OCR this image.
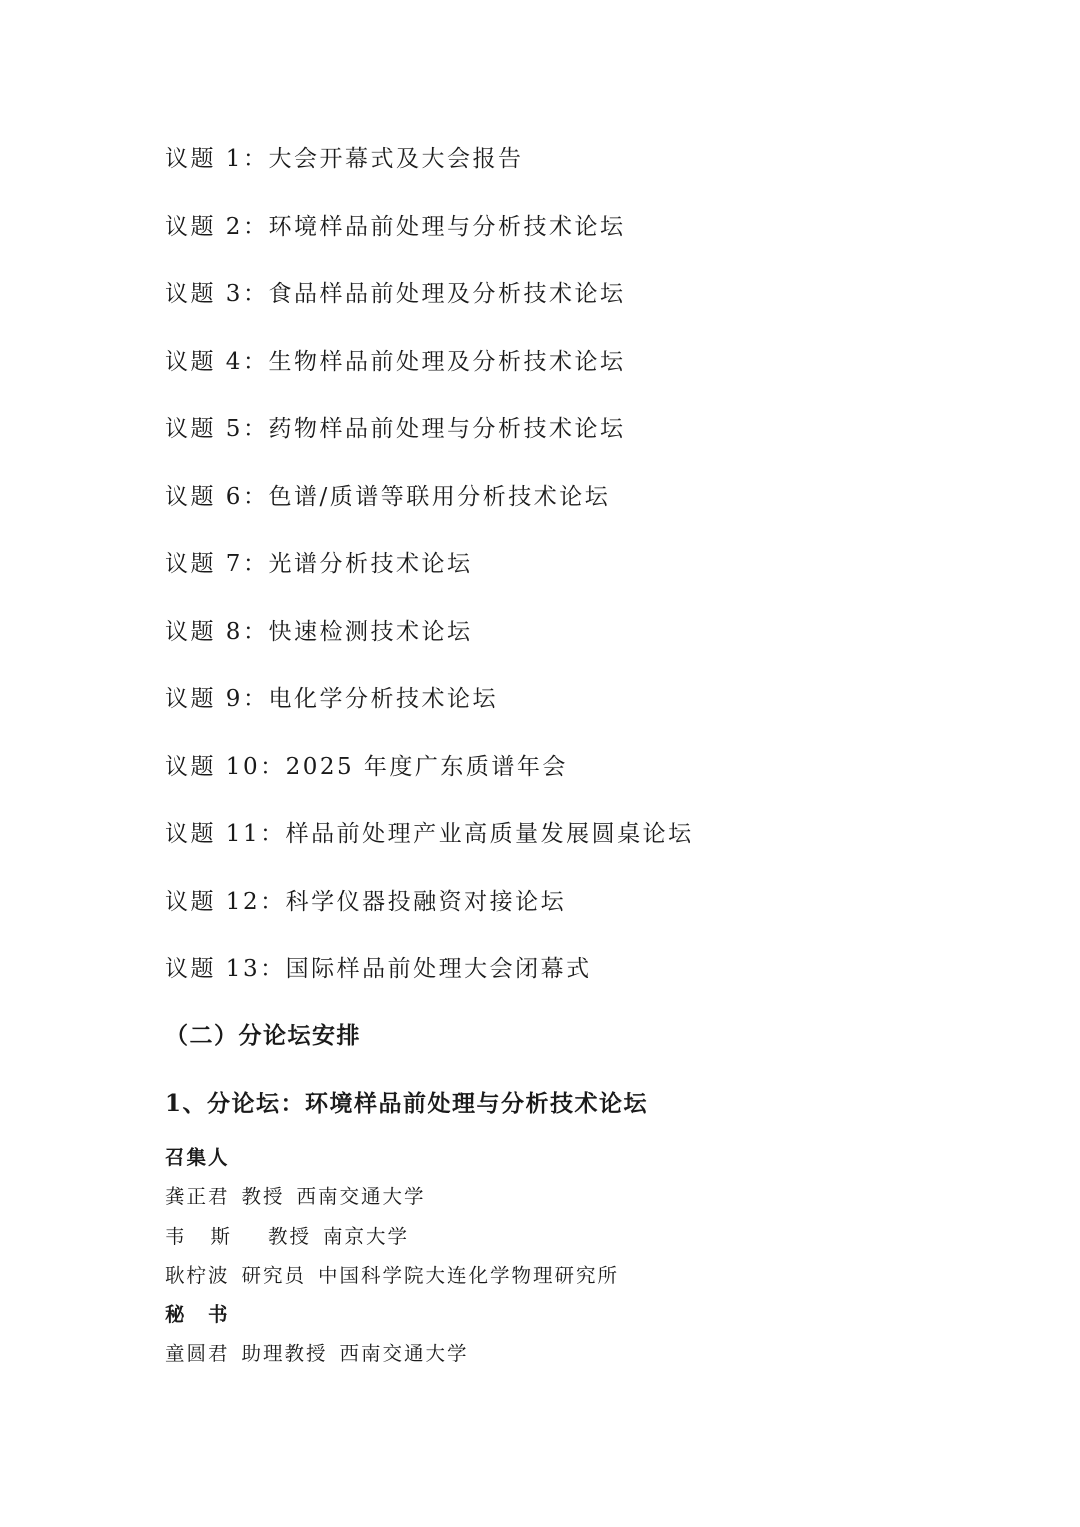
议题 1：大会开幕式及大会报告
议题 2：环境样品前处理与分析技术论坛
议题 3：食品样品前处理及分析技术论坛
议题 4：生物样品前处理及分析技术论坛
议题 5：药物样品前处理与分析技术论坛
议题 6：色谱/质谱等联用分析技术论坛
议题 7：光谱分析技术论坛
议题 8：快速检测技术论坛
议题 9：电化学分析技术论坛
议题 10：2025 年度广东质谱年会
议题 11：样品前处理产业高质量发展圆桌论坛
议题 12：科学仪器投融资对接论坛
议题 13：国际样品前处理大会闭幕式
（二）分论坛安排
1、分论坛：环境样品前处理与分析技术论坛
召集人
龚正君 教授 西南交通大学
韦斯 教授 南京大学
耿柠波 研究员 中国科学院大连化学物理研究所
秘　书
童圆君 助理教授 西南交通大学
